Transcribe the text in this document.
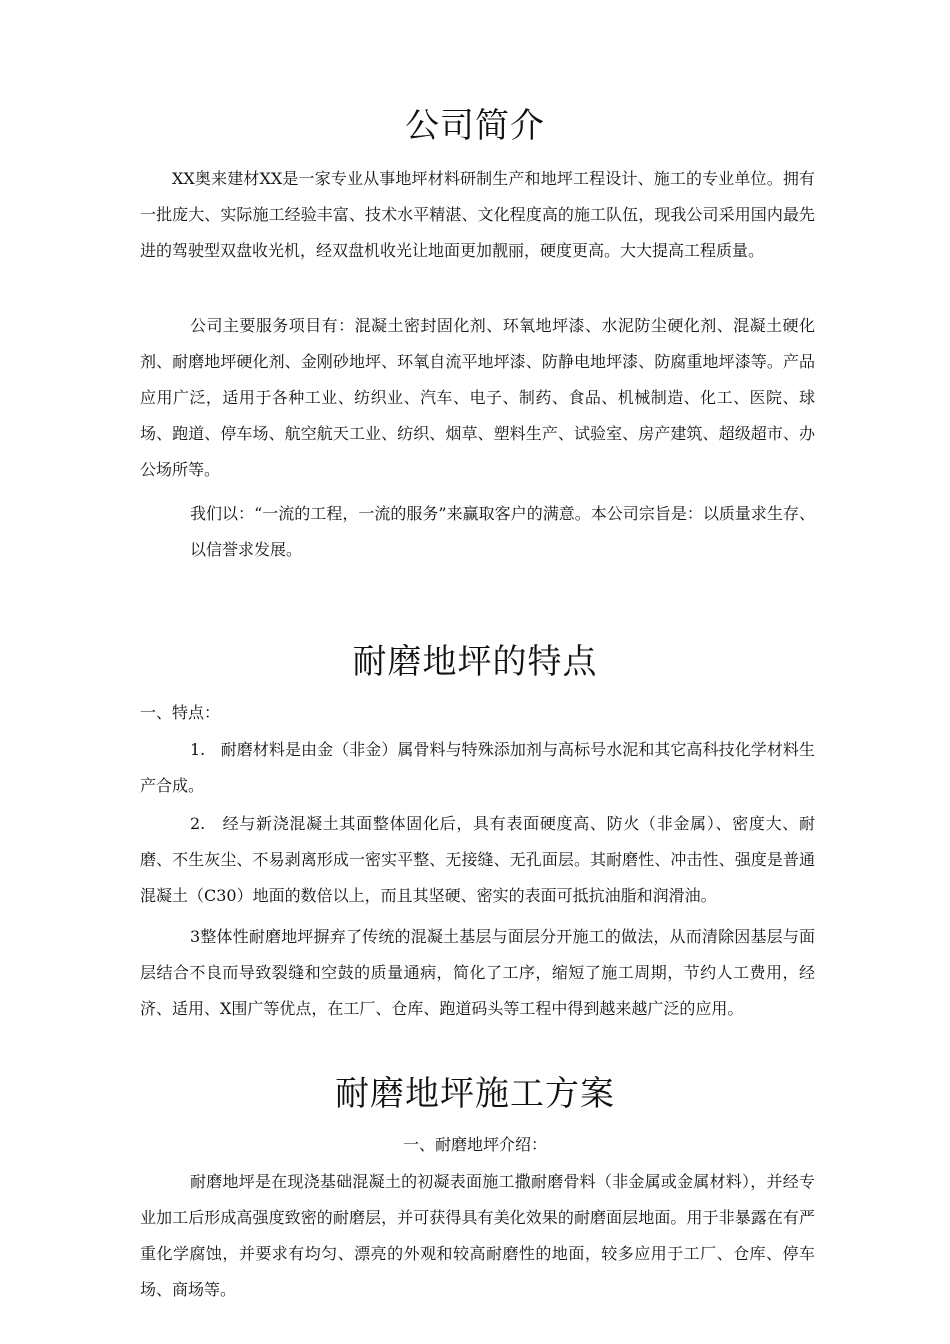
公司简介

XX奥来建材XX是一家专业从事地坪材料研制生产和地坪工程设计、施工的专业单位。拥有一批庞大、实际施工经验丰富、技术水平精湛、文化程度高的施工队伍，现我公司采用国内最先进的驾驶型双盘收光机，经双盘机收光让地面更加靓丽，硬度更高。大大提高工程质量。

公司主要服务项目有：混凝土密封固化剂、环氧地坪漆、水泥防尘硬化剂、混凝土硬化剂、耐磨地坪硬化剂、金刚砂地坪、环氧自流平地坪漆、防静电地坪漆、防腐重地坪漆等。产品应用广泛，适用于各种工业、纺织业、汽车、电子、制药、食品、机械制造、化工、医院、球场、跑道、停车场、航空航天工业、纺织、烟草、塑料生产、试验室、房产建筑、超级超市、办公场所等。

我们以：“一流的工程，一流的服务”来赢取客户的满意。本公司宗旨是：以质量求生存、以信誉求发展。

耐磨地坪的特点

一、特点：

1.   耐磨材料是由金（非金）属骨料与特殊添加剂与高标号水泥和其它高科技化学材料生产合成。

2.   经与新浇混凝土其面整体固化后，具有表面硬度高、防火（非金属）、密度大、耐磨、不生灰尘、不易剥离形成一密实平整、无接缝、无孔面层。其耐磨性、冲击性、强度是普通混凝土（C30）地面的数倍以上，而且其坚硬、密实的表面可抵抗油脂和润滑油。

3整体性耐磨地坪摒弃了传统的混凝土基层与面层分开施工的做法，从而清除因基层与面层结合不良而导致裂缝和空鼓的质量通病，简化了工序，缩短了施工周期，节约人工费用，经济、适用、X围广等优点，在工厂、仓库、跑道码头等工程中得到越来越广泛的应用。

耐磨地坪施工方案

一、耐磨地坪介绍：

耐磨地坪是在现浇基础混凝土的初凝表面施工撒耐磨骨料（非金属或金属材料），并经专业加工后形成高强度致密的耐磨层，并可获得具有美化效果的耐磨面层地面。用于非暴露在有严重化学腐蚀，并要求有均匀、漂亮的外观和较高耐磨性的地面，较多应用于工厂、仓库、停车场、商场等。
